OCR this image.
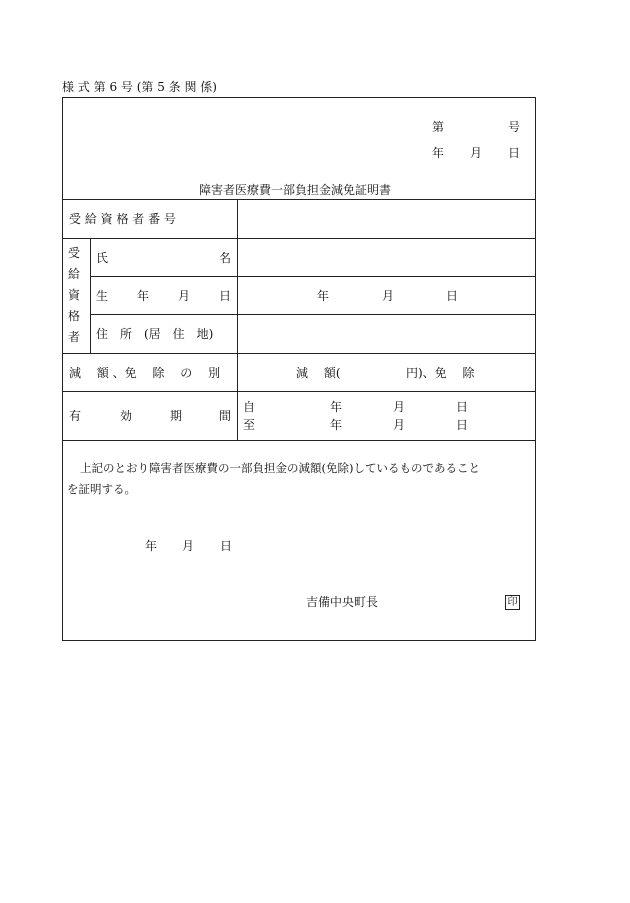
様 式 第 6 号 (第 5 条 関 係)
第	号
年 月 日
障害者医療費一部負担金減免証明書
受 給 資 格 者 番 号
受
給
資
格
者
氏	名
生 年 月 日	年	月	日
住　所　(居　住　地)
減　 額 、免　 除　 の　 別	減　 額(	円)、免　 除
有	効	期	間
自	年	月	日
至	年	月	日
上記のとおり障害者医療費の一部負担金の減額(免除)しているものであること
を証明する。
年 月 日
吉備中央町長	印
